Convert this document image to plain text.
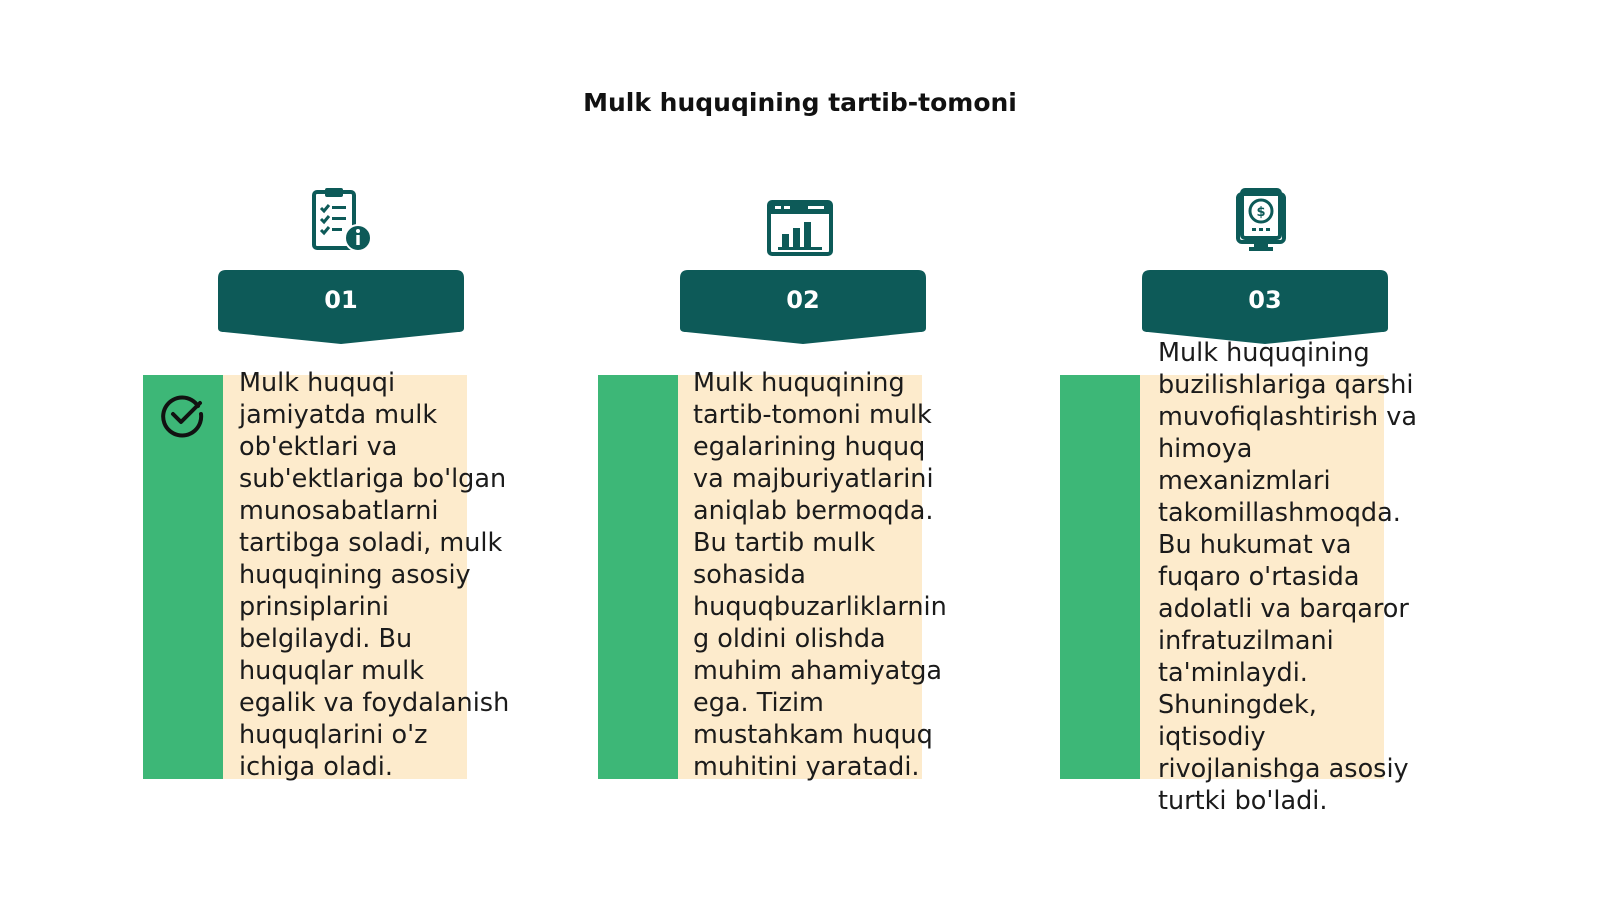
Mulk huquqining tartib-tomoni
01
Mulk huquqi
jamiyatda mulk
ob'ektlari va
sub'ektlariga bo'lgan
munosabatlarni
tartibga soladi, mulk
huquqining asosiy
prinsiplarini
belgilaydi. Bu
huquqlar mulk
egalik va foydalanish
huquqlarini o'z
ichiga oladi.
02
Mulk huquqining
tartib-tomoni mulk
egalarining huquq
va majburiyatlarini
aniqlab bermoqda.
Bu tartib mulk
sohasida
huquqbuzarliklarnin
g oldini olishda
muhim ahamiyatga
ega. Tizim
mustahkam huquq
muhitini yaratadi.
$
03
Mulk huquqining
buzilishlariga qarshi
muvofiqlashtirish va
himoya
mexanizmlari
takomillashmoqda.
Bu hukumat va
fuqaro o'rtasida
adolatli va barqaror
infratuzilmani
ta'minlaydi.
Shuningdek,
iqtisodiy
rivojlanishga asosiy
turtki bo'ladi.
